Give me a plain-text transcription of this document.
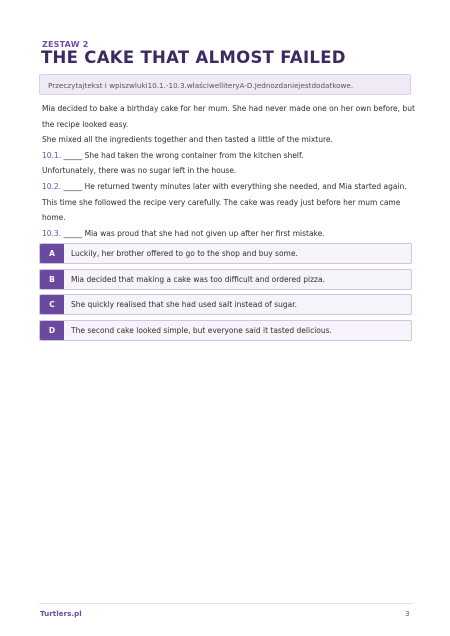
ZESTAW 2
THE CAKE THAT ALMOST FAILED
Przeczytajtekst i wpiszwluki10.1.-10.3.właściwelliteryA-D.Jednozdaniejestdodatkowe.
Mia decided to bake a birthday cake for her mum. She had never made one on her own before, but
the recipe looked easy.
She mixed all the ingredients together and then tasted a little of the mixture.
10.1. _____ She had taken the wrong container from the kitchen shelf.
Unfortunately, there was no sugar left in the house.
10.2. _____ He returned twenty minutes later with everything she needed, and Mia started again.
This time she followed the recipe very carefully. The cake was ready just before her mum came
home.
10.3. _____ Mia was proud that she had not given up after her first mistake.
A	Luckily, her brother offered to go to the shop and buy some.
B	Mia decided that making a cake was too difficult and ordered pizza.
C	She quickly realised that she had used salt instead of sugar.
D	The second cake looked simple, but everyone said it tasted delicious.
Turtlers.pl	3
